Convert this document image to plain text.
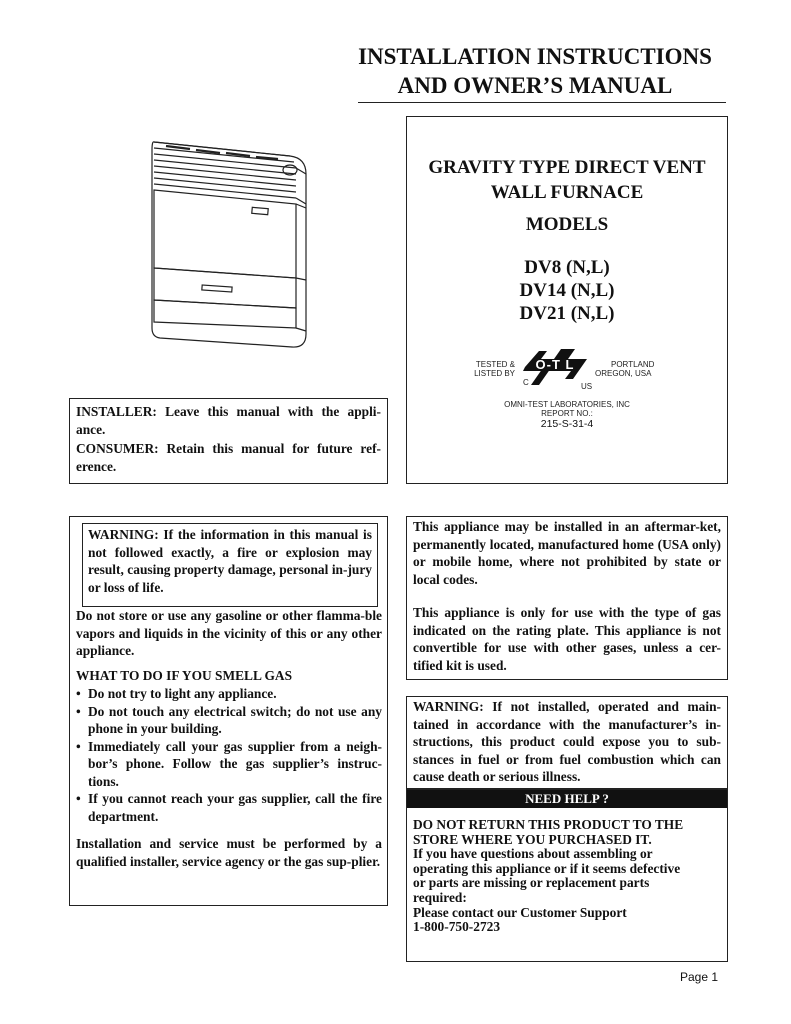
INSTALLATION INSTRUCTIONS
AND OWNER’S MANUAL
GRAVITY TYPE DIRECT VENT
WALL FURNACE
MODELS
DV8 (N,L)
DV14 (N,L)
DV21 (N,L)
TESTED &
LISTED BY
O-T L
C	US
PORTLAND
OREGON, USA
OMNI-TEST LABORATORIES, INC
REPORT NO.:
215-S-31-4
INSTALLER: Leave this manual with the appli-ance.
CONSUMER: Retain this manual for future ref-erence.
WARNING: If the information in this manual is not followed exactly, a fire or explosion may result, causing property damage, personal in-jury or loss of life.
Do not store or use any gasoline or other flamma-ble vapors and liquids in the vicinity of this or any other appliance.
WHAT TO DO IF YOU SMELL GAS
• Do not try to light any appliance.
• Do not touch any electrical switch; do not use any phone in your building.
• Immediately call your gas supplier from a neigh-bor’s phone. Follow the gas supplier’s instruc-tions.
• If you cannot reach your gas supplier, call the fire department.
Installation and service must be performed by a qualified installer, service agency or the gas sup-plier.
This appliance may be installed in an aftermar-ket, permanently located, manufactured home (USA only) or mobile home, where not prohibited by state or local codes.
This appliance is only for use with the type of gas indicated on the rating plate. This appliance is not convertible for use with other gases, unless a cer-tified kit is used.
WARNING: If not installed, operated and main-tained in accordance with the manufacturer’s in-structions, this product could expose you to sub-stances in fuel or from fuel combustion which can cause death or serious illness.
NEED HELP ?
DO NOT RETURN THIS PRODUCT TO THE
STORE WHERE YOU PURCHASED IT.
If you have questions about assembling or
operating this appliance or if it seems defective
or parts are missing or replacement parts
required:
Please contact our Customer Support
1-800-750-2723
Page 1
